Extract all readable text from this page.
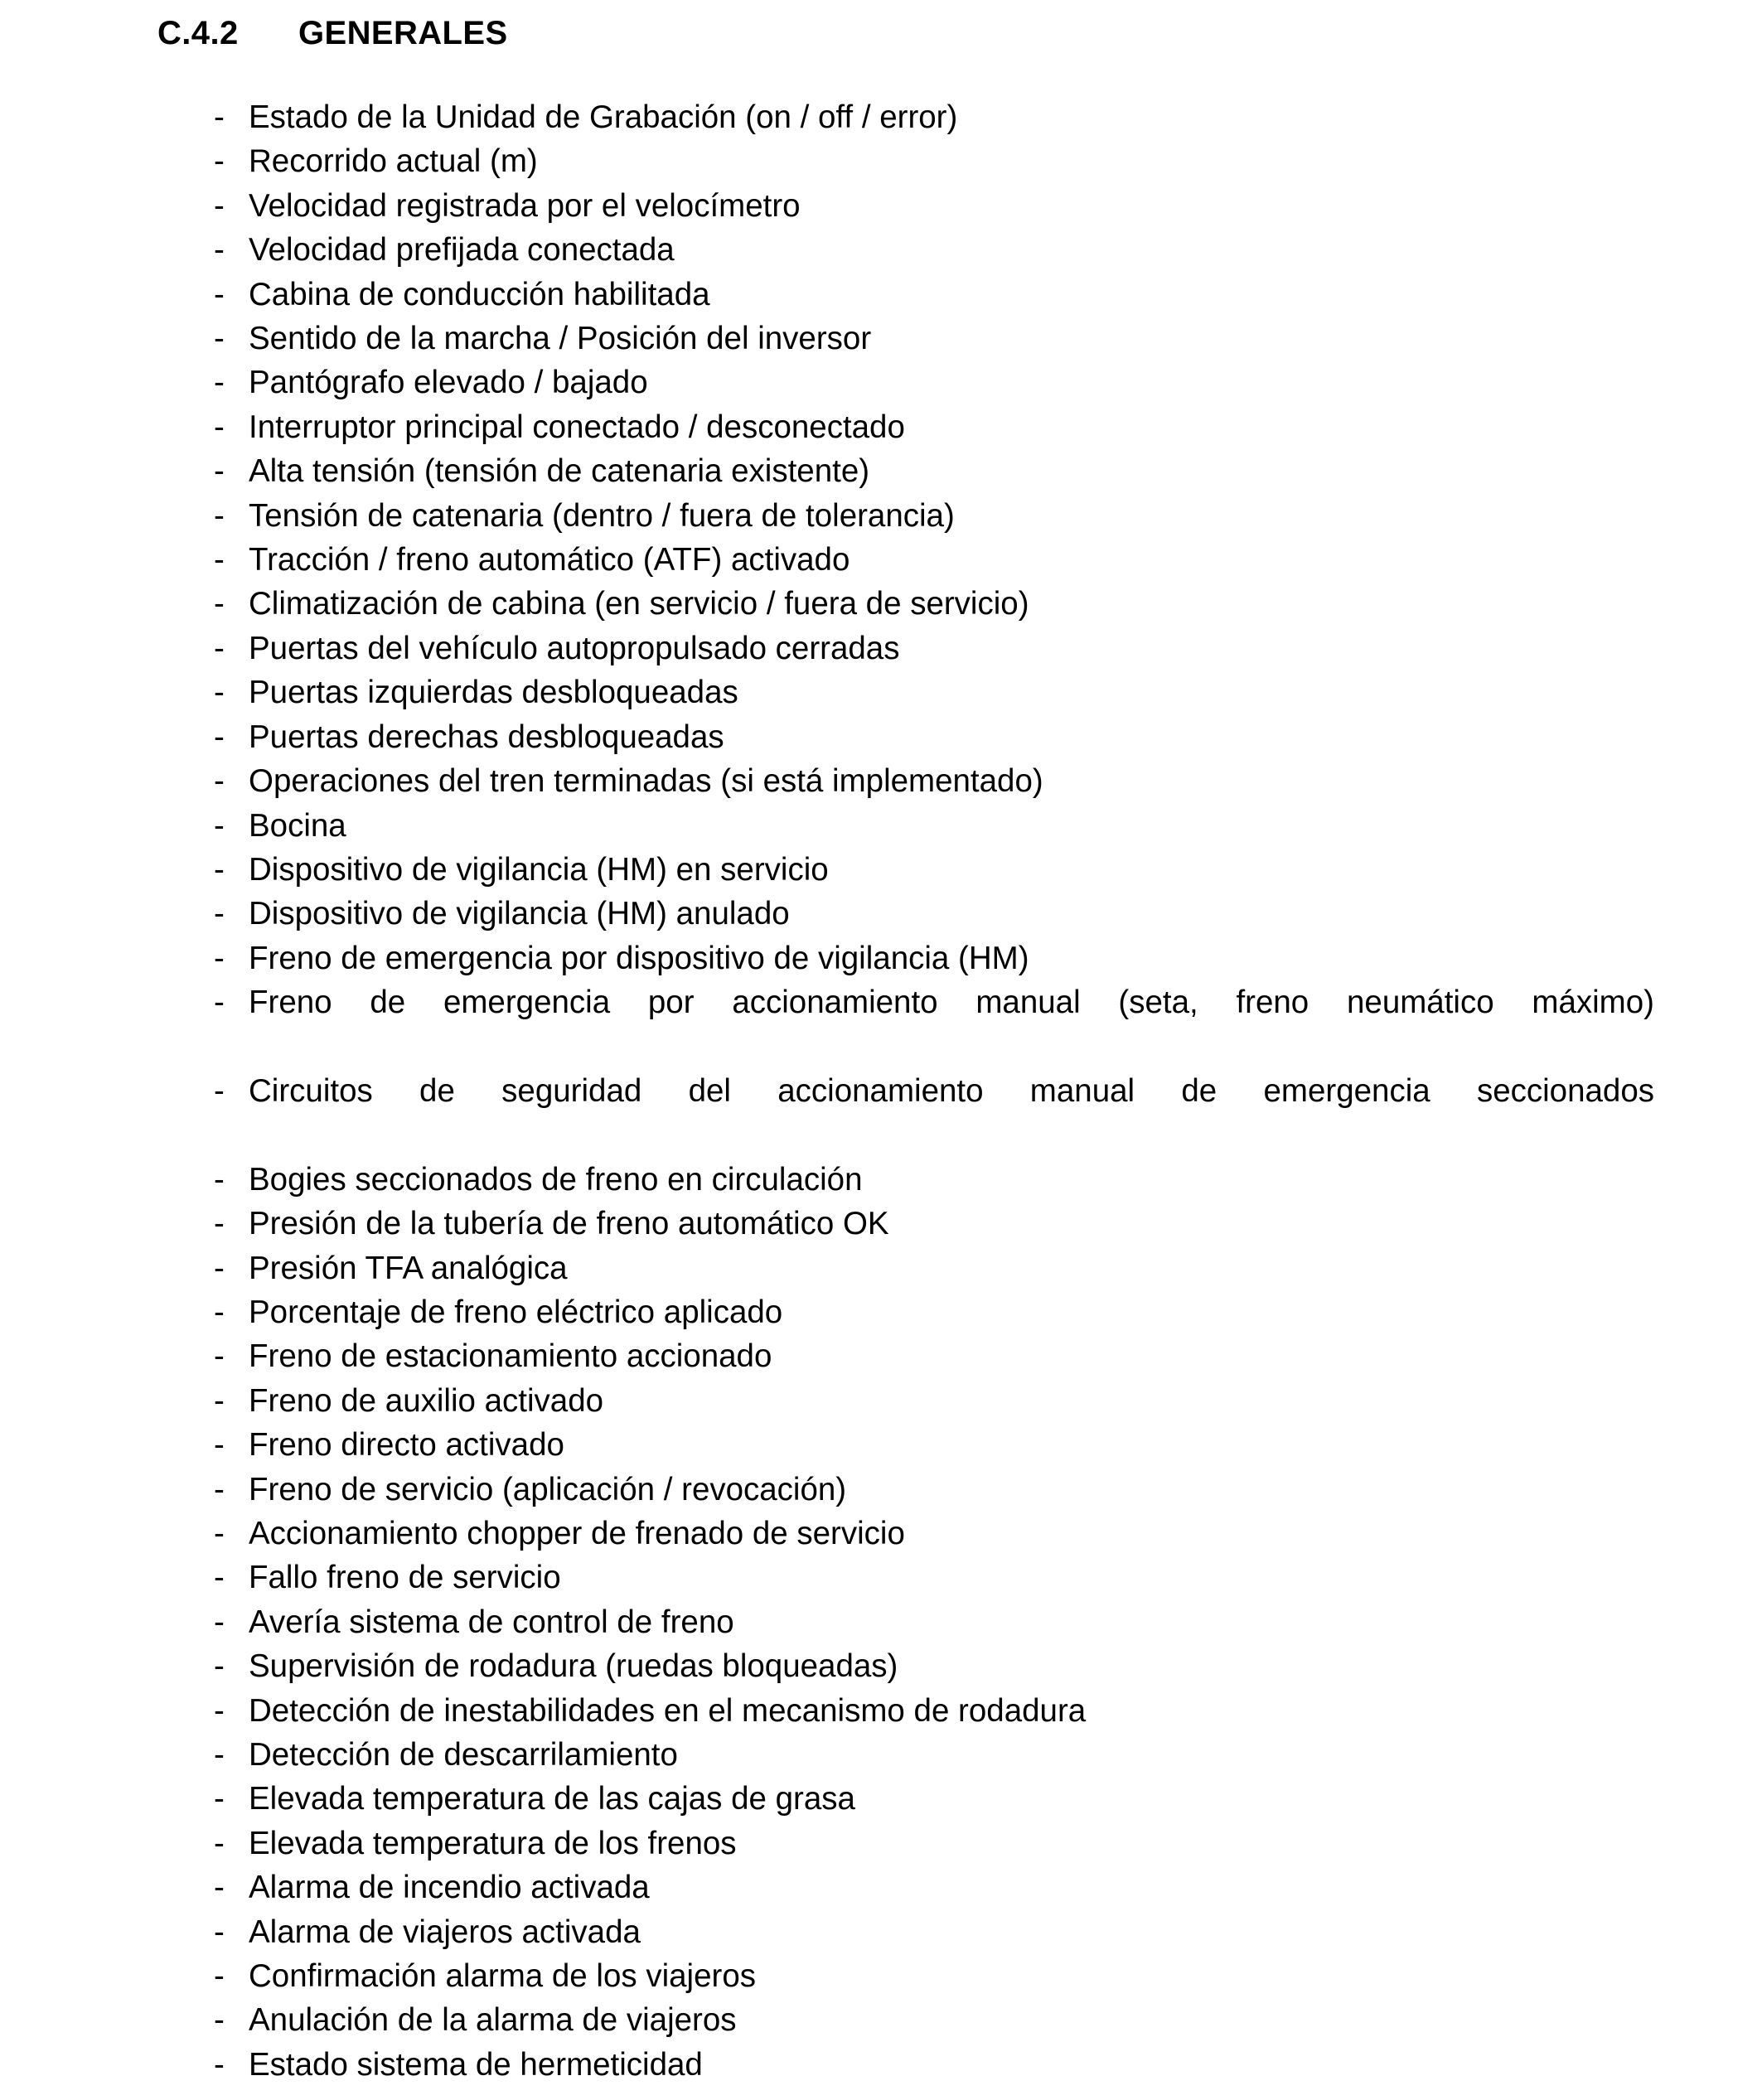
C.4.2 GENERALES
- Estado de la Unidad de Grabación (on / off / error)
- Recorrido actual (m)
- Velocidad registrada por el velocímetro
- Velocidad prefijada conectada
- Cabina de conducción habilitada
- Sentido de la marcha / Posición del inversor
- Pantógrafo elevado / bajado
- Interruptor principal conectado / desconectado
- Alta tensión (tensión de catenaria existente)
- Tensión de catenaria (dentro / fuera de tolerancia)
- Tracción / freno automático (ATF) activado
- Climatización de cabina (en servicio / fuera de servicio)
- Puertas del vehículo autopropulsado cerradas
- Puertas izquierdas desbloqueadas
- Puertas derechas desbloqueadas
- Operaciones del tren terminadas (si está implementado)
- Bocina
- Dispositivo de vigilancia (HM) en servicio
- Dispositivo de vigilancia (HM) anulado
- Freno de emergencia por dispositivo de vigilancia (HM)
- Freno de emergencia por accionamiento manual (seta, freno neumático máximo)
- Circuitos de seguridad del accionamiento manual de emergencia seccionados
- Bogies seccionados de freno en circulación
- Presión de la tubería de freno automático OK
- Presión TFA analógica
- Porcentaje de freno eléctrico aplicado
- Freno de estacionamiento accionado
- Freno de auxilio activado
- Freno directo activado
- Freno de servicio (aplicación / revocación)
- Accionamiento chopper de frenado de servicio
- Fallo freno de servicio
- Avería sistema de control de freno
- Supervisión de rodadura (ruedas bloqueadas)
- Detección de inestabilidades en el mecanismo de rodadura
- Detección de descarrilamiento
- Elevada temperatura de las cajas de grasa
- Elevada temperatura de los frenos
- Alarma de incendio activada
- Alarma de viajeros activada
- Confirmación alarma de los viajeros
- Anulación de la alarma de viajeros
- Estado sistema de hermeticidad
